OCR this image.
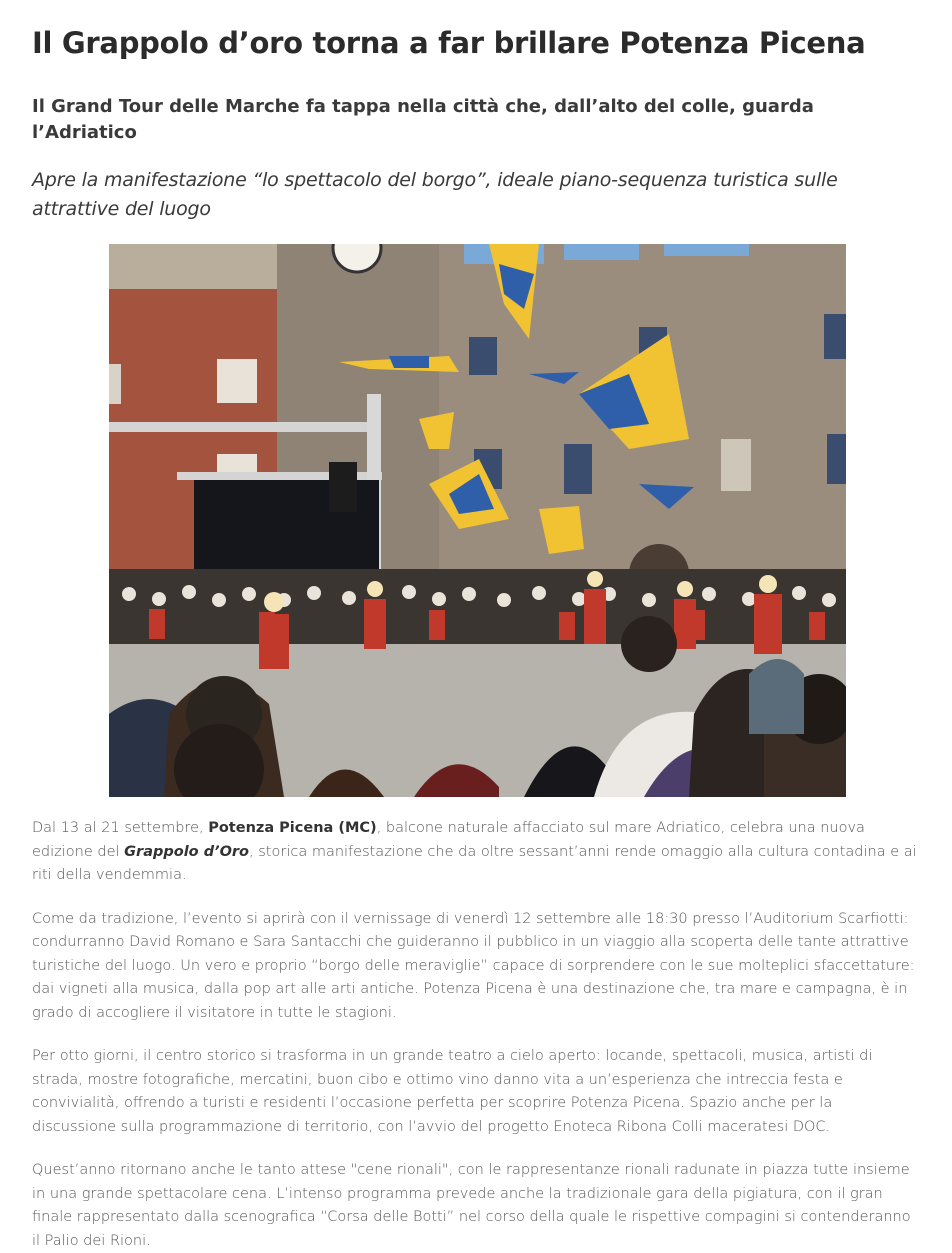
Il Grappolo d’oro torna a far brillare Potenza Picena
Il Grand Tour delle Marche fa tappa nella città che, dall’alto del colle, guarda l’Adriatico

Apre la manifestazione “lo spettacolo del borgo”, ideale piano-sequenza turistica sulle attrattive del luogo

Dal 13 al 21 settembre, Potenza Picena (MC), balcone naturale affacciato sul mare Adriatico, celebra una nuova edizione del Grappolo d’Oro, storica manifestazione che da oltre sessant’anni rende omaggio alla cultura contadina e ai riti della vendemmia.

Come da tradizione, l’evento si aprirà con il vernissage di venerdì 12 settembre alle 18:30 presso l’Auditorium Scarfiotti: condurranno David Romano e Sara Santacchi che guideranno il pubblico in un viaggio alla scoperta delle tante attrattive turistiche del luogo. Un vero e proprio “borgo delle meraviglie” capace di sorprendere con le sue molteplici sfaccettature: dai vigneti alla musica, dalla pop art alle arti antiche. Potenza Picena è una destinazione che, tra mare e campagna, è in grado di accogliere il visitatore in tutte le stagioni.

Per otto giorni, il centro storico si trasforma in un grande teatro a cielo aperto: locande, spettacoli, musica, artisti di strada, mostre fotografiche, mercatini, buon cibo e ottimo vino danno vita a un’esperienza che intreccia festa e convivialità, offrendo a turisti e residenti l’occasione perfetta per scoprire Potenza Picena. Spazio anche per la discussione sulla programmazione di territorio, con l’avvio del progetto Enoteca Ribona Colli maceratesi DOC.

Quest’anno ritornano anche le tanto attese "cene rionali", con le rappresentanze rionali radunate in piazza tutte insieme in una grande spettacolare cena. L’intenso programma prevede anche la tradizionale gara della pigiatura, con il gran finale rappresentato dalla scenografica “Corsa delle Botti” nel corso della quale le rispettive compagini si contenderanno il Palio dei Rioni.
